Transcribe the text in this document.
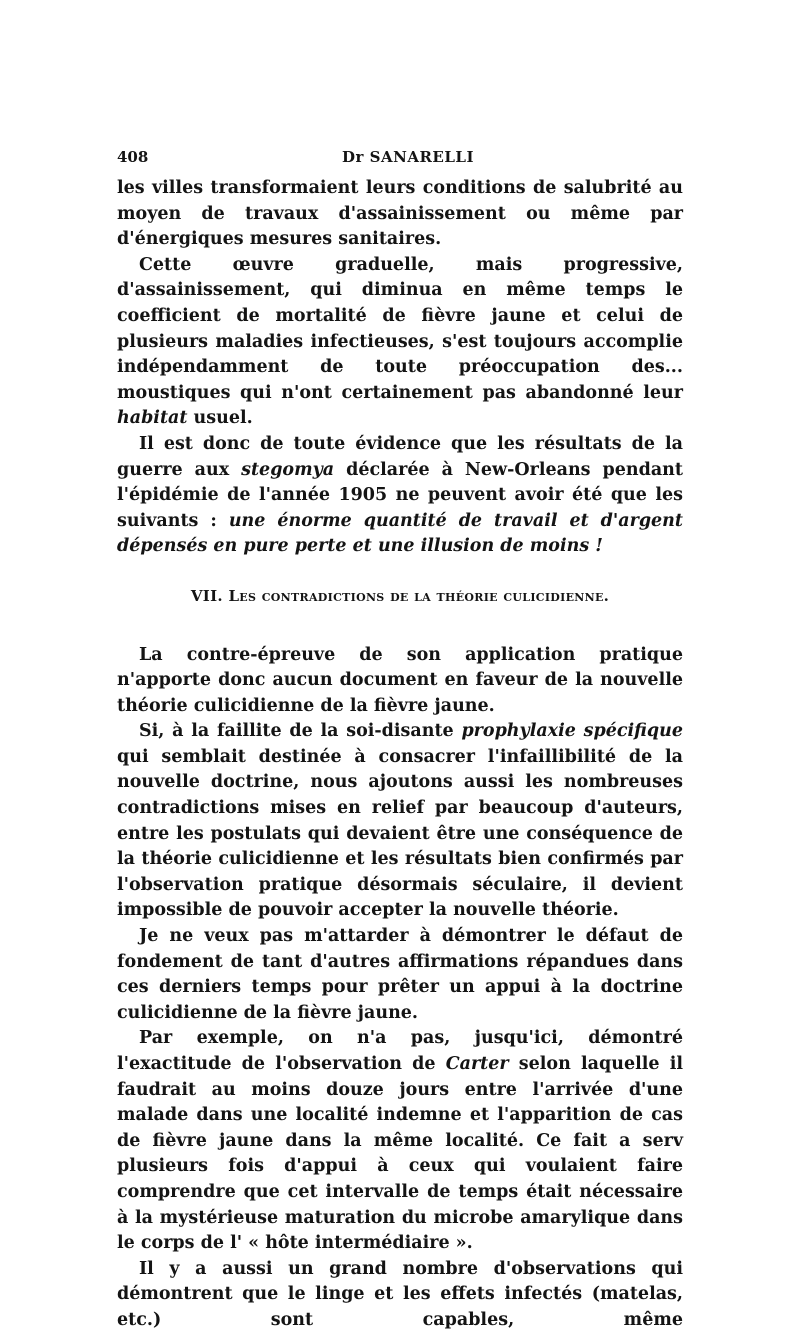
408	Dr SANARELLI

les villes transformaient leurs conditions de salubrité au moyen de travaux d'assainissement ou même par d'énergiques mesures sanitaires.

Cette œuvre graduelle, mais progressive, d'assainissement, qui diminua en même temps le coefficient de mortalité de fièvre jaune et celui de plusieurs maladies infectieuses, s'est toujours accomplie indépendamment de toute préoccupation des... moustiques qui n'ont certainement pas abandonné leur habitat usuel.

Il est donc de toute évidence que les résultats de la guerre aux stegomya déclarée à New-Orleans pendant l'épidémie de l'année 1905 ne peuvent avoir été que les suivants : une énorme quantité de travail et d'argent dépensés en pure perte et une illusion de moins !

VII. Les contradictions de la théorie culicidienne.

La contre-épreuve de son application pratique n'apporte donc aucun document en faveur de la nouvelle théorie culicidienne de la fièvre jaune.

Si, à la faillite de la soi-disante prophylaxie spécifique qui semblait destinée à consacrer l'infaillibilité de la nouvelle doctrine, nous ajoutons aussi les nombreuses contradictions mises en relief par beaucoup d'auteurs, entre les postulats qui devaient être une conséquence de la théorie culicidienne et les résultats bien confirmés par l'observation pratique désormais séculaire, il devient impossible de pouvoir accepter la nouvelle théorie.

Je ne veux pas m'attarder à démontrer le défaut de fondement de tant d'autres affirmations répandues dans ces derniers temps pour prêter un appui à la doctrine culicidienne de la fièvre jaune.

Par exemple, on n'a pas, jusqu'ici, démontré l'exactitude de l'observation de Carter selon laquelle il faudrait au moins douze jours entre l'arrivée d'une malade dans une localité indemne et l'apparition de cas de fièvre jaune dans la même localité. Ce fait a serv plusieurs fois d'appui à ceux qui voulaient faire comprendre que cet intervalle de temps était nécessaire à la mystérieuse maturation du microbe amarylique dans le corps de l' « hôte intermédiaire ».

Il y a aussi un grand nombre d'observations qui démontrent que le linge et les effets infectés (matelas, etc.) sont capables, même
